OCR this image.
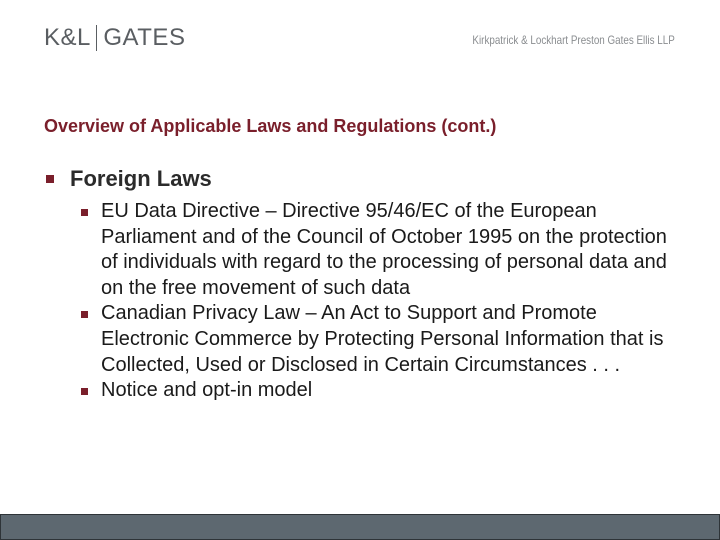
K&L GATES	Kirkpatrick & Lockhart Preston Gates Ellis LLP
Overview of Applicable Laws and Regulations (cont.)
Foreign Laws
EU Data Directive – Directive 95/46/EC of the European Parliament and of the Council of October 1995 on the protection of individuals with regard to the processing of personal data and on the free movement of such data
Canadian Privacy Law – An Act to Support and Promote Electronic Commerce by Protecting Personal Information that is Collected, Used or Disclosed in Certain Circumstances . . .
Notice and opt-in model
